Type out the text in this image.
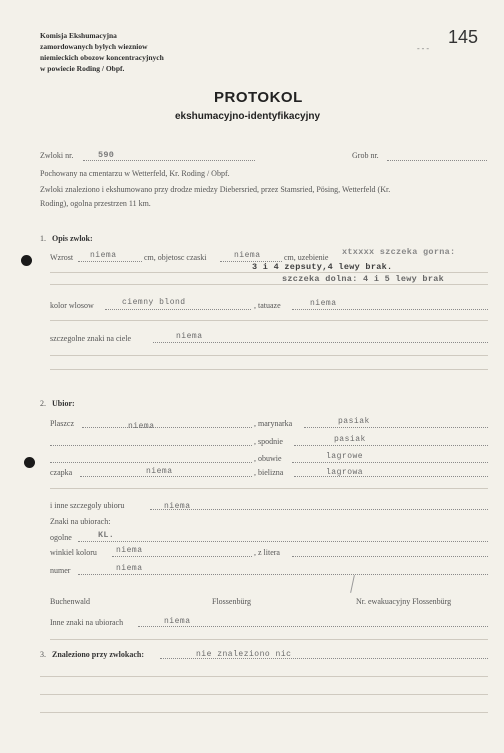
Komisja Ekshumacyjna
zamordowanych bylych wiezniow
niemieckich obozow koncentracyjnych
w powiecie Roding / Obpf.
145
- - -
PROTOKOL
ekshumacyjno-identyfikacyjny
Zwloki nr.	590	Grob nr.
Pochowany na cmentarzu w Wetterfeld, Kr. Roding / Obpf.
Zwloki znaleziono i ekshumowano przy drodze miedzy Diebersried, przez Stamsried, Pösing, Wetterfeld (Kr.
Roding), ogolna przestrzen 11 km.
1. Opis zwlok:
Wzrost niema	cm, objetosc czaski	niema	cm, uzebienie
xtxxxx szczeka gorna:
3 i 4 zepsuty,4 lewy brak.
szczeka dolna: 4 i 5 lewy brak
kolor wlosow	ciemny blond	, tatuaze	niema
szczegolne znaki na ciele	niema
2. Ubior:
Plaszcz	niema	, marynarka	pasiak
, spodnie	pasiak
, obuwie	lagrowe
czapka	niema	, bielizna	lagrowa
i inne szczegoly ubioru	niema
Znaki na ubiorach:
ogolne	KL.
winkiel koloru niema	, z litera
numer	niema
Buchenwald	Flossenbürg	Nr. ewakuacyjny Flossenbürg
Inne znaki na ubiorach	niema
3. Znaleziono przy zwlokach:	nie znaleziono nic
